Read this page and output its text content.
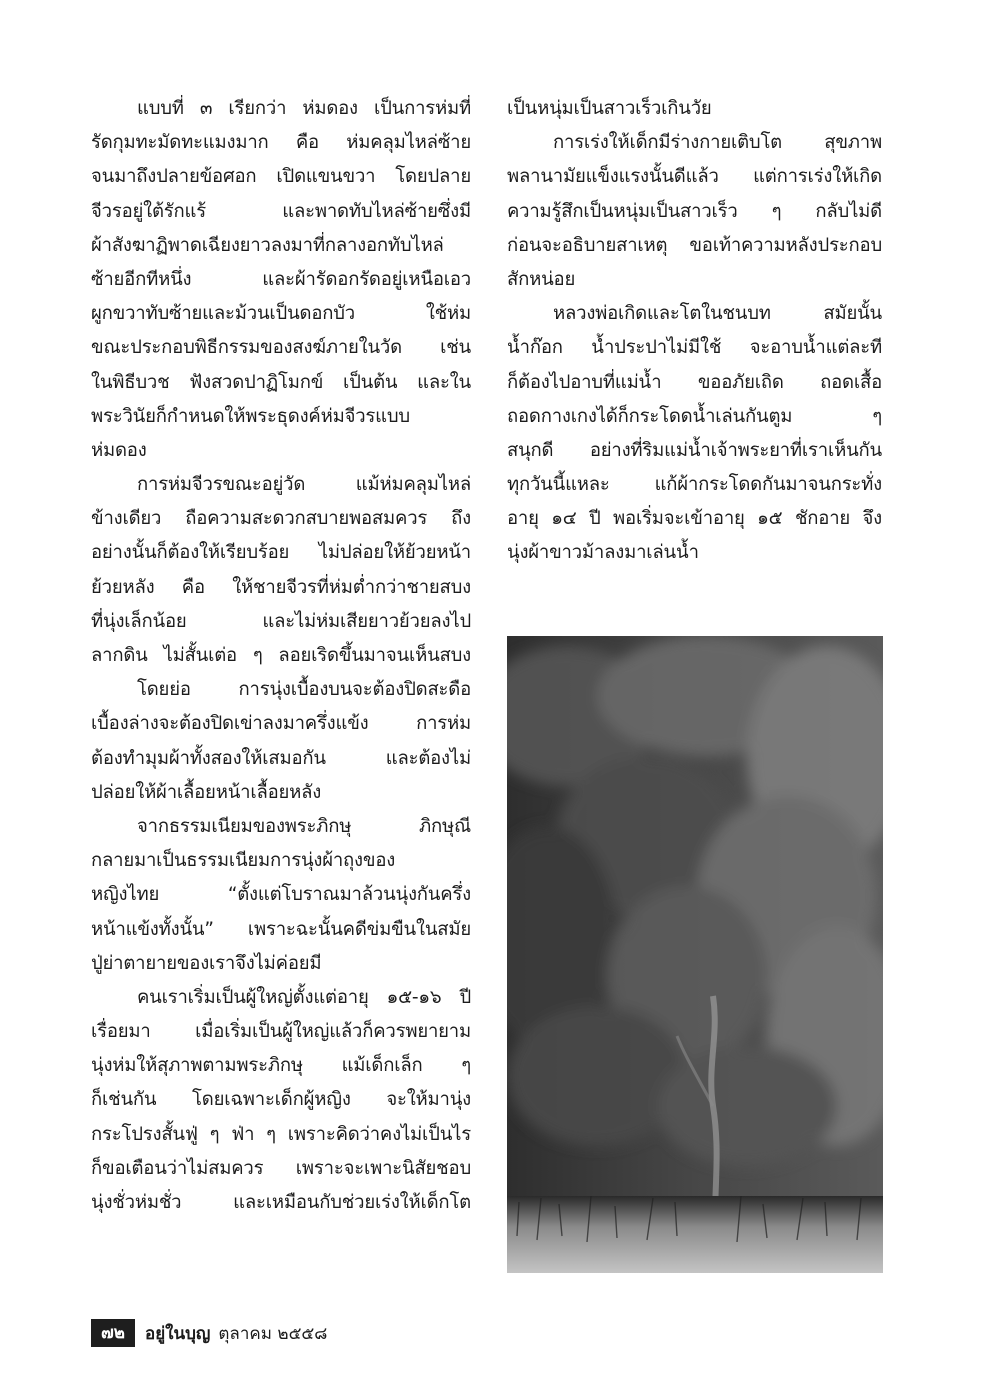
แบบที่ ๓ เรียกว่า ห่มดอง เป็นการห่มที่
รัดกุมทะมัดทะแมงมาก คือ ห่มคลุมไหล่ซ้าย
จนมาถึงปลายข้อศอก เปิดแขนขวา โดยปลาย
จีวรอยู่ใต้รักแร้ และพาดทับไหล่ซ้ายซึ่งมี
ผ้าสังฆาฏิพาดเฉียงยาวลงมาที่กลางอกทับไหล่
ซ้ายอีกทีหนึ่ง และผ้ารัดอกรัดอยู่เหนือเอว
ผูกขวาทับซ้ายและม้วนเป็นดอกบัว ใช้ห่ม
ขณะประกอบพิธีกรรมของสงฆ์ภายในวัด เช่น
ในพิธีบวช ฟังสวดปาฏิโมกข์ เป็นต้น และใน
พระวินัยก็กำหนดให้พระธุดงค์ห่มจีวรแบบ
ห่มดอง
การห่มจีวรขณะอยู่วัด แม้ห่มคลุมไหล่
ข้างเดียว ถือความสะดวกสบายพอสมควร ถึง
อย่างนั้นก็ต้องให้เรียบร้อย ไม่ปล่อยให้ย้วยหน้า
ย้วยหลัง คือ ให้ชายจีวรที่ห่มต่ำกว่าชายสบง
ที่นุ่งเล็กน้อย และไม่ห่มเสียยาวย้วยลงไป
ลากดิน ไม่สั้นเต่อ ๆ ลอยเริดขึ้นมาจนเห็นสบง
โดยย่อ การนุ่งเบื้องบนจะต้องปิดสะดือ
เบื้องล่างจะต้องปิดเข่าลงมาครึ่งแข้ง การห่ม
ต้องทำมุมผ้าทั้งสองให้เสมอกัน และต้องไม่
ปล่อยให้ผ้าเลื้อยหน้าเลื้อยหลัง
จากธรรมเนียมของพระภิกษุ ภิกษุณี
กลายมาเป็นธรรมเนียมการนุ่งผ้าถุงของ
หญิงไทย “ตั้งแต่โบราณมาล้วนนุ่งกันครึ่ง
หน้าแข้งทั้งนั้น” เพราะฉะนั้นคดีข่มขืนในสมัย
ปู่ย่าตายายของเราจึงไม่ค่อยมี
คนเราเริ่มเป็นผู้ใหญ่ตั้งแต่อายุ ๑๕-๑๖ ปี
เรื่อยมา เมื่อเริ่มเป็นผู้ใหญ่แล้วก็ควรพยายาม
นุ่งห่มให้สุภาพตามพระภิกษุ แม้เด็กเล็ก ๆ
ก็เช่นกัน โดยเฉพาะเด็กผู้หญิง จะให้มานุ่ง
กระโปรงสั้นฟู่ ๆ ฟ่า ๆ เพราะคิดว่าคงไม่เป็นไร
ก็ขอเตือนว่าไม่สมควร เพราะจะเพาะนิสัยชอบ
นุ่งชั่วห่มชั่ว และเหมือนกับช่วยเร่งให้เด็กโต
เป็นหนุ่มเป็นสาวเร็วเกินวัย
การเร่งให้เด็กมีร่างกายเติบโต สุขภาพ
พลานามัยแข็งแรงนั้นดีแล้ว แต่การเร่งให้เกิด
ความรู้สึกเป็นหนุ่มเป็นสาวเร็ว ๆ กลับไม่ดี
ก่อนจะอธิบายสาเหตุ ขอเท้าความหลังประกอบ
สักหน่อย
หลวงพ่อเกิดและโตในชนบท สมัยนั้น
น้ำก๊อก น้ำประปาไม่มีใช้ จะอาบน้ำแต่ละที
ก็ต้องไปอาบที่แม่น้ำ ขออภัยเถิด ถอดเสื้อ
ถอดกางเกงได้ก็กระโดดน้ำเล่นกันตูม ๆ
สนุกดี อย่างที่ริมแม่น้ำเจ้าพระยาที่เราเห็นกัน
ทุกวันนี้แหละ แก้ผ้ากระโดดกันมาจนกระทั่ง
อายุ ๑๔ ปี พอเริ่มจะเข้าอายุ ๑๕ ชักอาย จึง
นุ่งผ้าขาวม้าลงมาเล่นน้ำ
๗๒	อยู่ในบุญ ตุลาคม ๒๕๕๘
